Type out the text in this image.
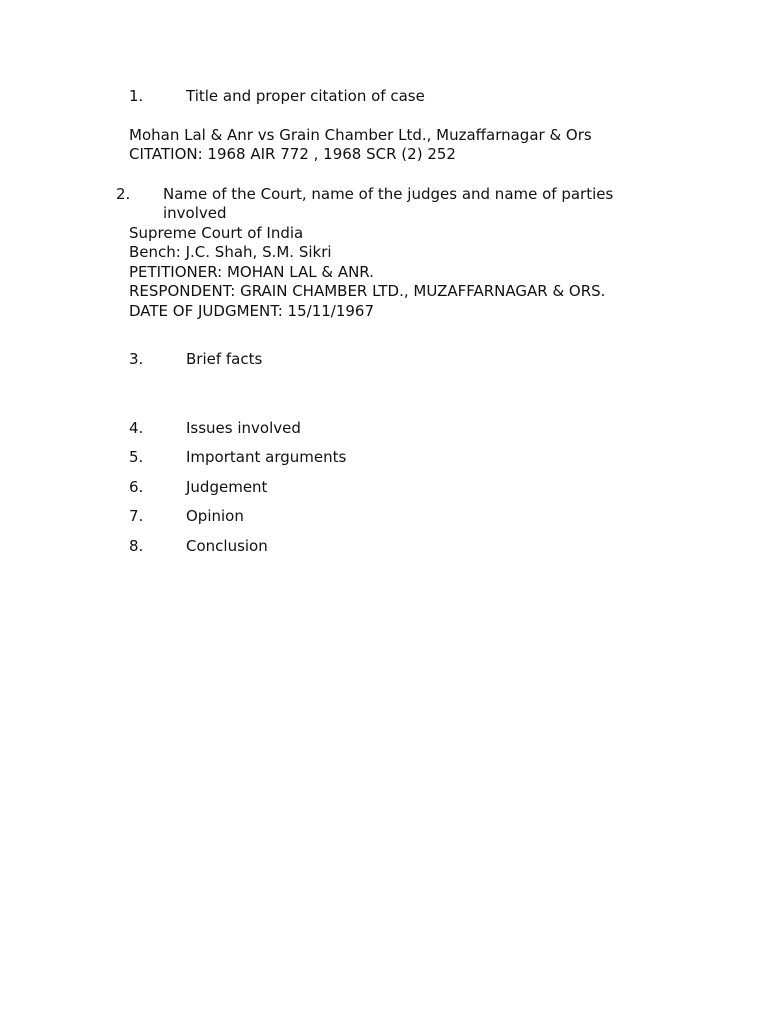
1.	Title and proper citation of case
Mohan Lal & Anr vs Grain Chamber Ltd., Muzaffarnagar & Ors
CITATION: 1968 AIR 772 , 1968 SCR (2) 252
2. Name of the Court, name of the judges and name of parties
involved
Supreme Court of India
Bench: J.C. Shah, S.M. Sikri
PETITIONER: MOHAN LAL & ANR.
RESPONDENT: GRAIN CHAMBER LTD., MUZAFFARNAGAR & ORS.
DATE OF JUDGMENT: 15/11/1967
3.	Brief facts
4.	Issues involved
5.	Important arguments
6.	Judgement
7.	Opinion
8.	Conclusion
